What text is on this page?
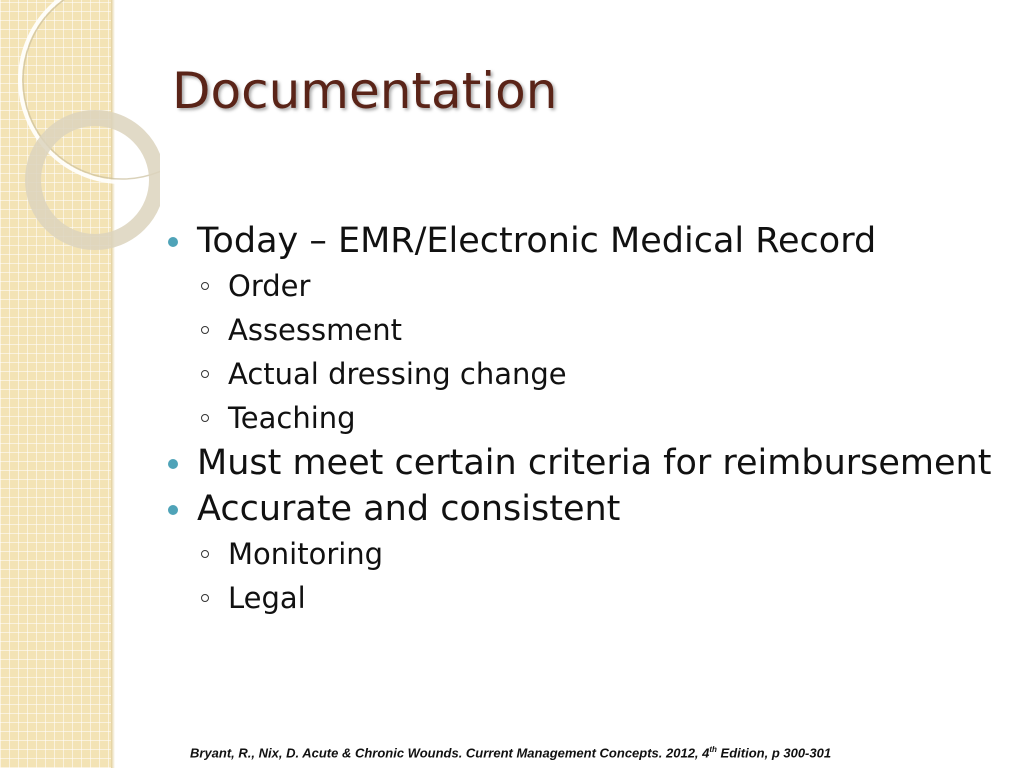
Documentation
Today – EMR/Electronic Medical Record
Order
Assessment
Actual dressing change
Teaching
Must meet certain criteria for reimbursement
Accurate and consistent
Monitoring
Legal
Bryant, R., Nix, D. Acute & Chronic Wounds. Current Management Concepts. 2012, 4th Edition, p 300-301
